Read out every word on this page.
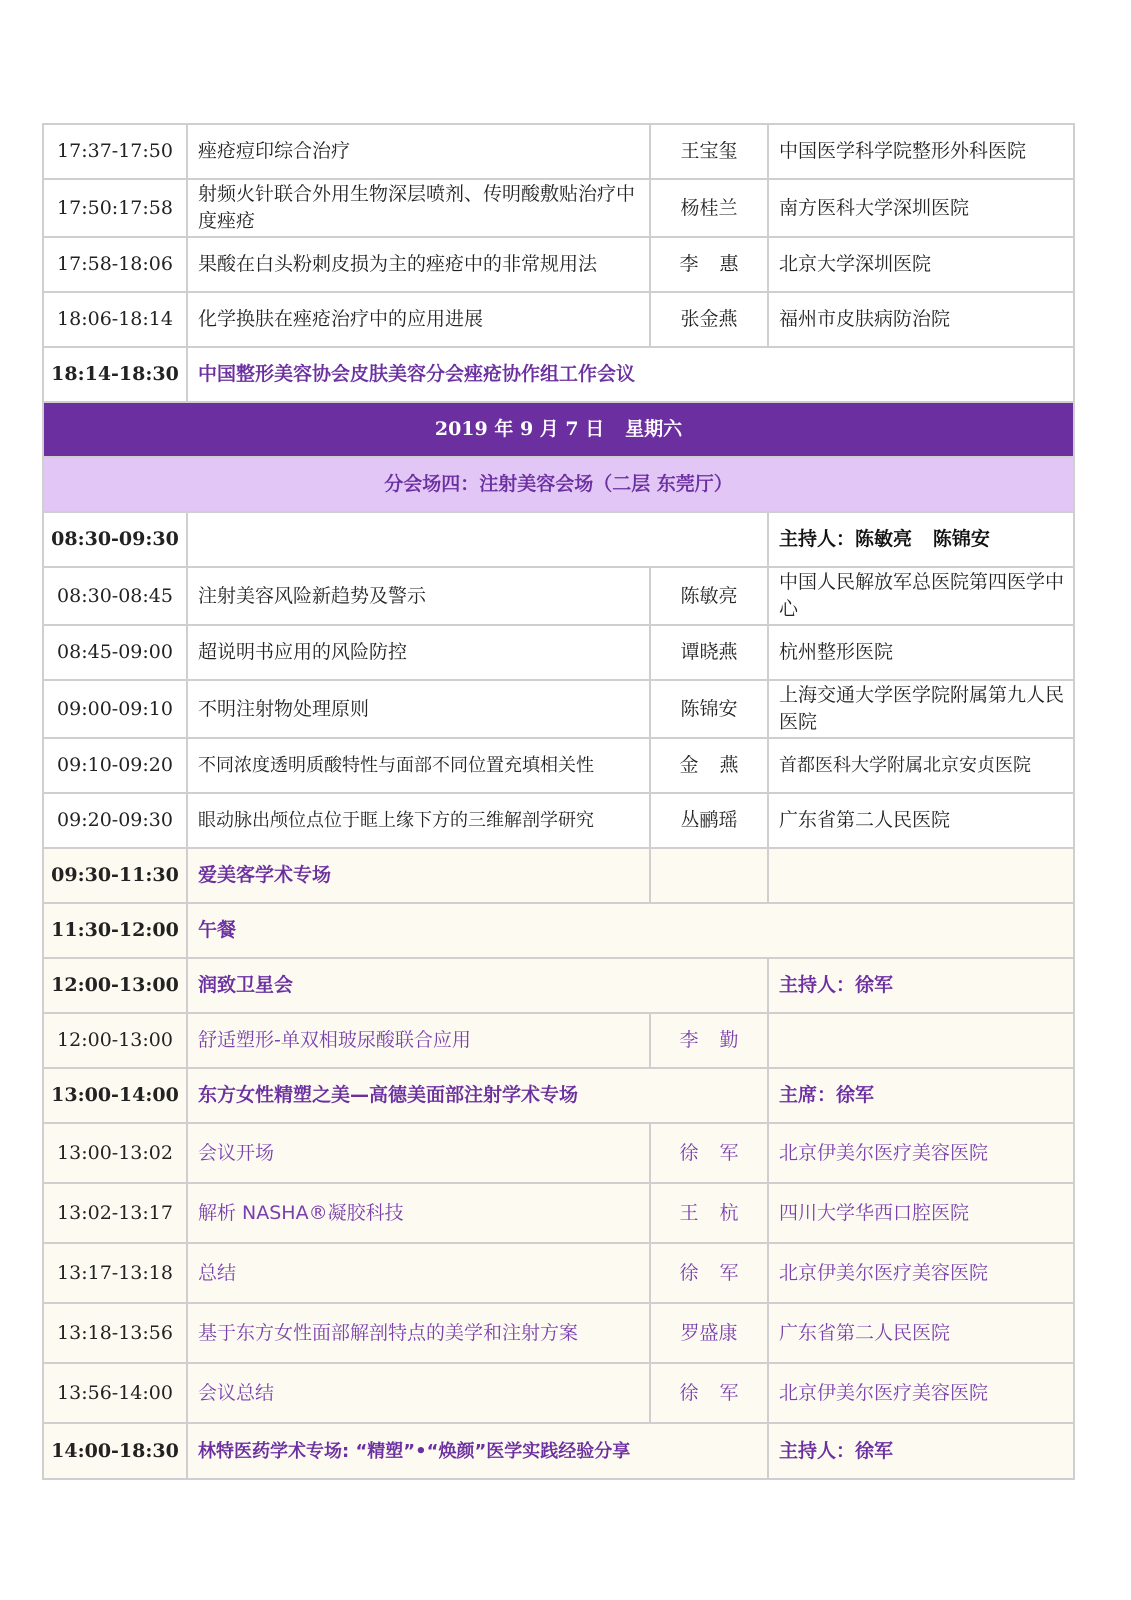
17:37-17:50	痤疮痘印综合治疗	王宝玺	中国医学科学院整形外科医院
17:50:17:58	射频火针联合外用生物深层喷剂、传明酸敷贴治疗中度痤疮	杨桂兰	南方医科大学深圳医院
17:58-18:06	果酸在白头粉刺皮损为主的痤疮中的非常规用法	李 惠	北京大学深圳医院
18:06-18:14	化学换肤在痤疮治疗中的应用进展	张金燕	福州市皮肤病防治院
18:14-18:30	中国整形美容协会皮肤美容分会痤疮协作组工作会议		
2019 年 9 月 7 日 星期六			
分会场四：注射美容会场（二层 东莞厅）			
08:30-09:30			主持人：陈敏亮 陈锦安
08:30-08:45	注射美容风险新趋势及警示	陈敏亮	中国人民解放军总医院第四医学中心
08:45-09:00	超说明书应用的风险防控	谭晓燕	杭州整形医院
09:00-09:10	不明注射物处理原则	陈锦安	上海交通大学医学院附属第九人民医院
09:10-09:20	不同浓度透明质酸特性与面部不同位置充填相关性	金 燕	首都医科大学附属北京安贞医院
09:20-09:30	眼动脉出颅位点位于眶上缘下方的三维解剖学研究	丛鹂瑶	广东省第二人民医院
09:30-11:30	爱美客学术专场		
11:30-12:00	午餐		
12:00-13:00	润致卫星会		主持人：徐军
12:00-13:00	舒适塑形-单双相玻尿酸联合应用	李 勤	
13:00-14:00	东方女性精塑之美—高德美面部注射学术专场		主席：徐军
13:00-13:02	会议开场	徐 军	北京伊美尔医疗美容医院
13:02-13:17	解析 NASHA®凝胶科技	王 杭	四川大学华西口腔医院
13:17-13:18	总结	徐 军	北京伊美尔医疗美容医院
13:18-13:56	基于东方女性面部解剖特点的美学和注射方案	罗盛康	广东省第二人民医院
13:56-14:00	会议总结	徐 军	北京伊美尔医疗美容医院
14:00-18:30	林特医药学术专场: “精塑”•“焕颜”医学实践经验分享		主持人：徐军
